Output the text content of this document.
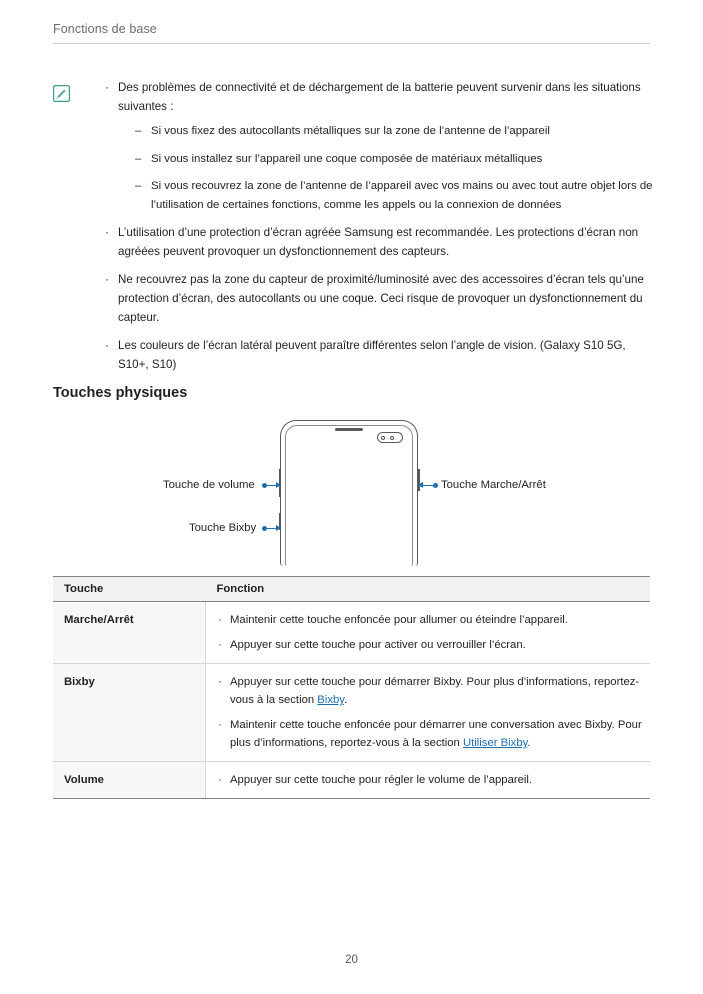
Fonctions de base
· Des problèmes de connectivité et de déchargement de la batterie peuvent survenir dans les situations suivantes :
– Si vous fixez des autocollants métalliques sur la zone de l’antenne de l’appareil
– Si vous installez sur l’appareil une coque composée de matériaux métalliques
– Si vous recouvrez la zone de l’antenne de l’appareil avec vos mains ou avec tout autre objet lors de l’utilisation de certaines fonctions, comme les appels ou la connexion de données
· L’utilisation d’une protection d’écran agréée Samsung est recommandée. Les protections d’écran non agréées peuvent provoquer un dysfonctionnement des capteurs.
· Ne recouvrez pas la zone du capteur de proximité/luminosité avec des accessoires d’écran tels qu’une protection d’écran, des autocollants ou une coque. Ceci risque de provoquer un dysfonctionnement du capteur.
· Les couleurs de l’écran latéral peuvent paraître différentes selon l’angle de vision. (Galaxy S10 5G, S10+, S10)
Touches physiques
Touche de volume
Touche Bixby
Touche Marche/Arrêt
Touche	Fonction
Marche/Arrêt	· Maintenir cette touche enfoncée pour allumer ou éteindre l’appareil.
· Appuyer sur cette touche pour activer ou verrouiller l’écran.

Bixby	· Appuyer sur cette touche pour démarrer Bixby. Pour plus d’informations, reportez-vous à la section Bixby.
· Maintenir cette touche enfoncée pour démarrer une conversation avec Bixby. Pour plus d’informations, reportez-vous à la section Utiliser Bixby.

Volume	· Appuyer sur cette touche pour régler le volume de l’appareil.
20
